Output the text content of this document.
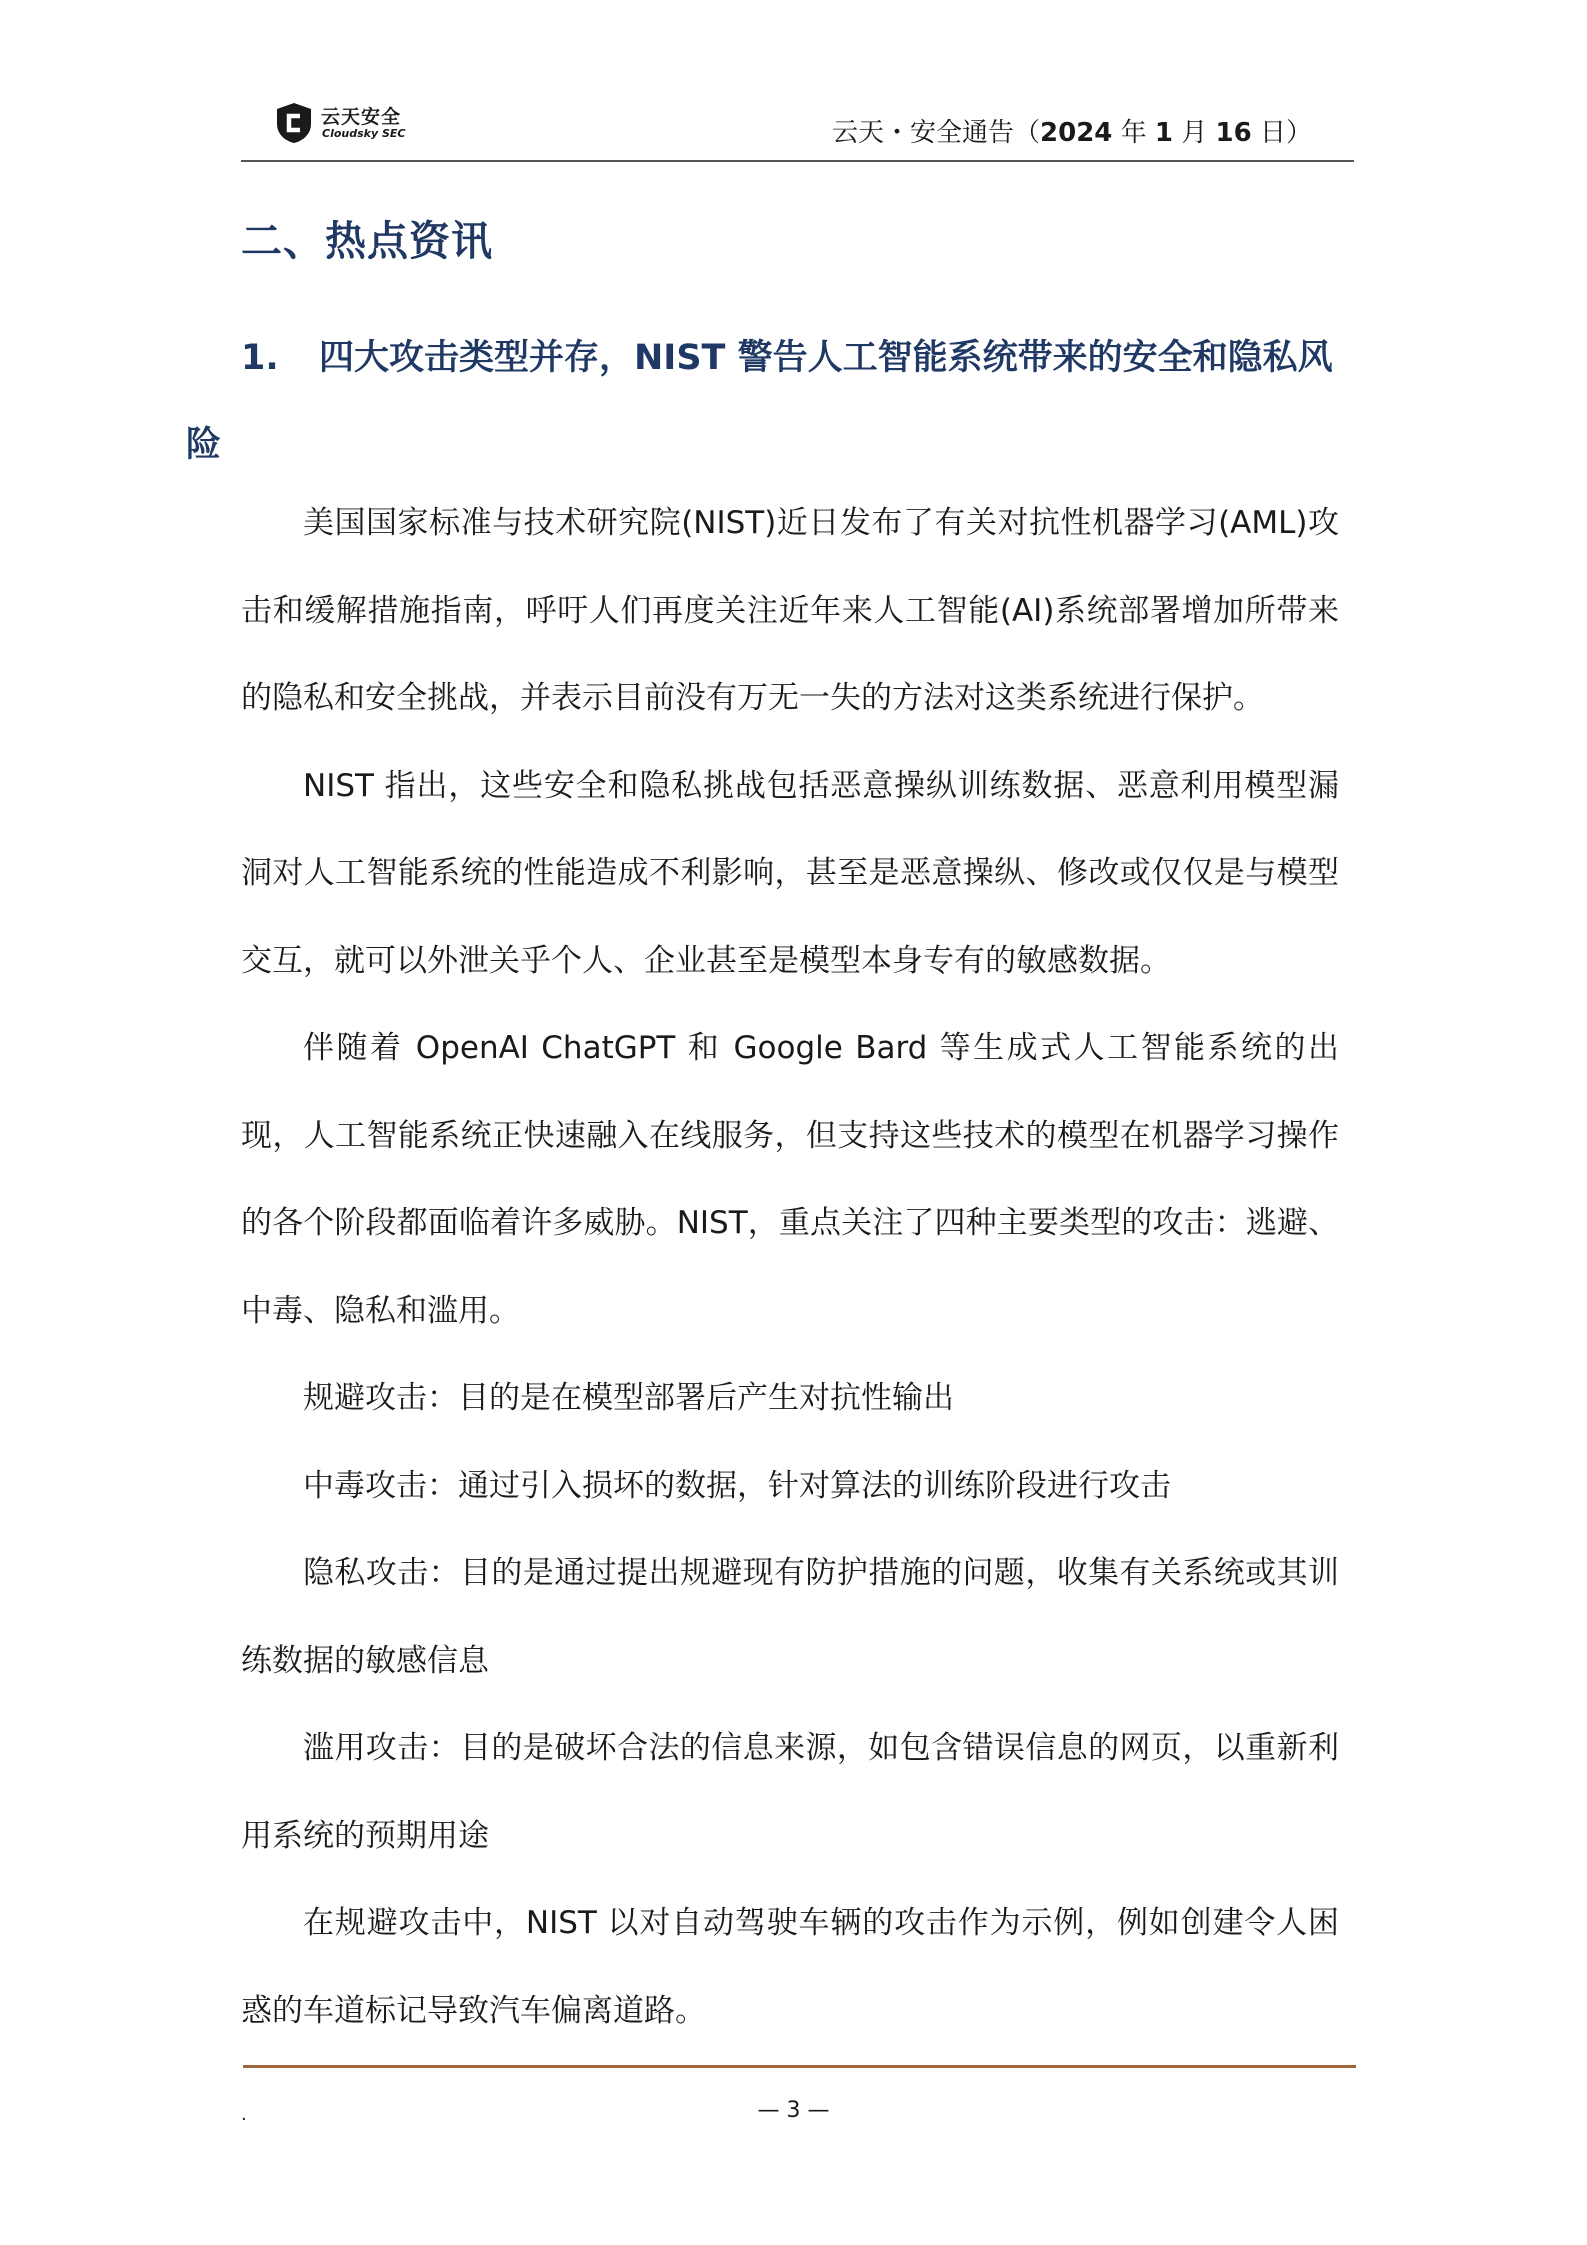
云天安全
Cloudsky SEC	云天・安全通告（2024 年 1 月 16 日）
二、热点资讯
1. 四大攻击类型并存，NIST 警告人工智能系统带来的安全和隐私风险

美国国家标准与技术研究院(NIST)近日发布了有关对抗性机器学习(AML)攻击和缓解措施指南，呼吁人们再度关注近年来人工智能(AI)系统部署增加所带来的隐私和安全挑战，并表示目前没有万无一失的方法对这类系统进行保护。

NIST 指出，这些安全和隐私挑战包括恶意操纵训练数据、恶意利用模型漏洞对人工智能系统的性能造成不利影响，甚至是恶意操纵、修改或仅仅是与模型交互，就可以外泄关乎个人、企业甚至是模型本身专有的敏感数据。

伴随着 OpenAI ChatGPT 和 Google Bard 等生成式人工智能系统的出现，人工智能系统正快速融入在线服务，但支持这些技术的模型在机器学习操作的各个阶段都面临着许多威胁。NIST，重点关注了四种主要类型的攻击：逃避、中毒、隐私和滥用。

规避攻击：目的是在模型部署后产生对抗性输出

中毒攻击：通过引入损坏的数据，针对算法的训练阶段进行攻击

隐私攻击：目的是通过提出规避现有防护措施的问题，收集有关系统或其训练数据的敏感信息

滥用攻击：目的是破坏合法的信息来源，如包含错误信息的网页，以重新利用系统的预期用途

在规避攻击中，NIST 以对自动驾驶车辆的攻击作为示例，例如创建令人困惑的车道标记导致汽车偏离道路。

.	— 3 —
